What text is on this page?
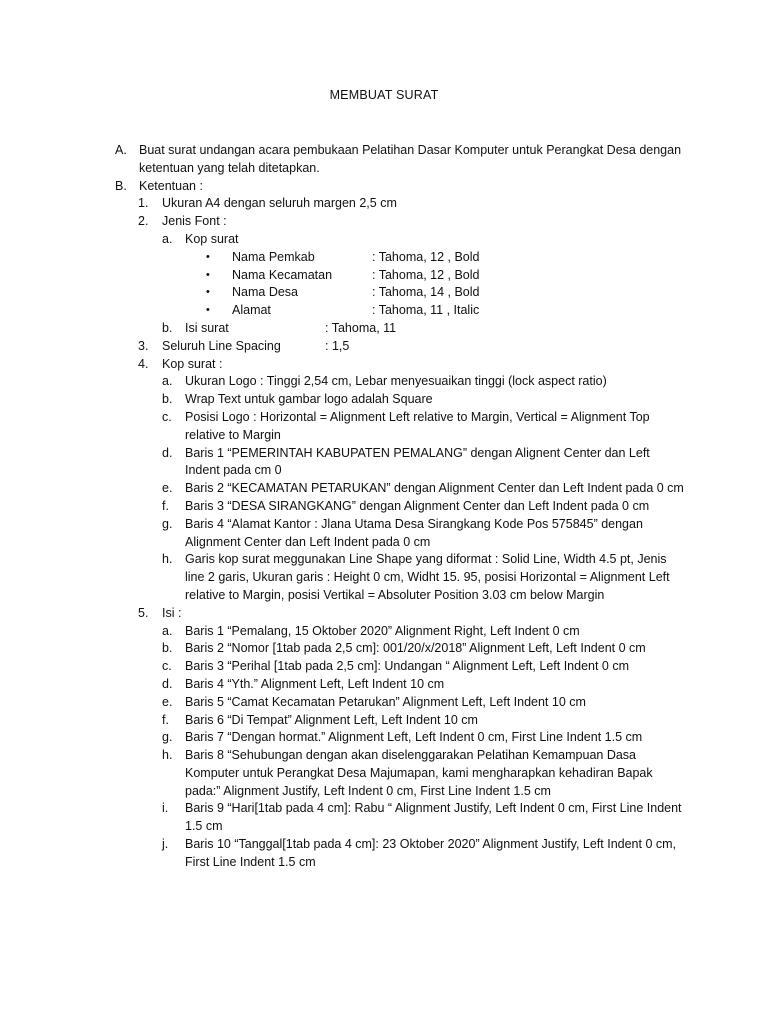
MEMBUAT SURAT
A. Buat surat undangan acara pembukaan Pelatihan Dasar Komputer untuk Perangkat Desa dengan ketentuan yang telah ditetapkan.
B. Ketentuan :
1. Ukuran A4 dengan seluruh margen 2,5 cm
2. Jenis Font :
a. Kop surat
• Nama Pemkab	: Tahoma, 12 , Bold
• Nama Kecamatan	: Tahoma, 12 , Bold
• Nama Desa	: Tahoma, 14 , Bold
• Alamat	: Tahoma, 11 , Italic
b. Isi surat	: Tahoma, 11
3. Seluruh Line Spacing	: 1,5
4. Kop surat :
a. Ukuran Logo : Tinggi 2,54 cm, Lebar menyesuaikan tinggi (lock aspect ratio)
b. Wrap Text untuk gambar logo adalah Square
c. Posisi Logo : Horizontal = Alignment Left relative to Margin, Vertical = Alignment Top relative to Margin
d. Baris 1 “PEMERINTAH KABUPATEN PEMALANG” dengan Alignent Center dan Left Indent pada cm 0
e. Baris 2 “KECAMATAN PETARUKAN” dengan Alignment Center dan Left Indent pada 0 cm
f. Baris 3 “DESA SIRANGKANG” dengan Alignment Center dan Left Indent pada 0 cm
g. Baris 4 “Alamat Kantor : Jlana Utama Desa Sirangkang Kode Pos 575845” dengan Alignment Center dan Left Indent pada 0 cm
h. Garis kop surat meggunakan Line Shape yang diformat : Solid Line, Width 4.5 pt, Jenis line 2 garis, Ukuran garis : Height 0 cm, Widht 15. 95, posisi Horizontal = Alignment Left relative to Margin, posisi Vertikal = Absoluter Position 3.03 cm below Margin
5. Isi :
a. Baris 1 “Pemalang, 15 Oktober 2020” Alignment Right, Left Indent 0 cm
b. Baris 2 “Nomor [1tab pada 2,5 cm]: 001/20/x/2018” Alignment Left, Left Indent 0 cm
c. Baris 3 “Perihal [1tab pada 2,5 cm]: Undangan “ Alignment Left, Left Indent 0 cm
d. Baris 4 “Yth.” Alignment Left, Left Indent 10 cm
e. Baris 5 “Camat Kecamatan Petarukan” Alignment Left, Left Indent 10 cm
f. Baris 6 “Di Tempat” Alignment Left, Left Indent 10 cm
g. Baris 7 “Dengan hormat.” Alignment Left, Left Indent 0 cm, First Line Indent 1.5 cm
h. Baris 8 “Sehubungan dengan akan diselenggarakan Pelatihan Kemampuan Dasa Komputer untuk Perangkat Desa Majumapan, kami mengharapkan kehadiran Bapak pada:” Alignment Justify, Left Indent 0 cm, First Line Indent 1.5 cm
i. Baris 9 “Hari[1tab pada 4 cm]: Rabu “ Alignment Justify, Left Indent 0 cm, First Line Indent 1.5 cm
j. Baris 10 “Tanggal[1tab pada 4 cm]: 23 Oktober 2020” Alignment Justify, Left Indent 0 cm, First Line Indent 1.5 cm
